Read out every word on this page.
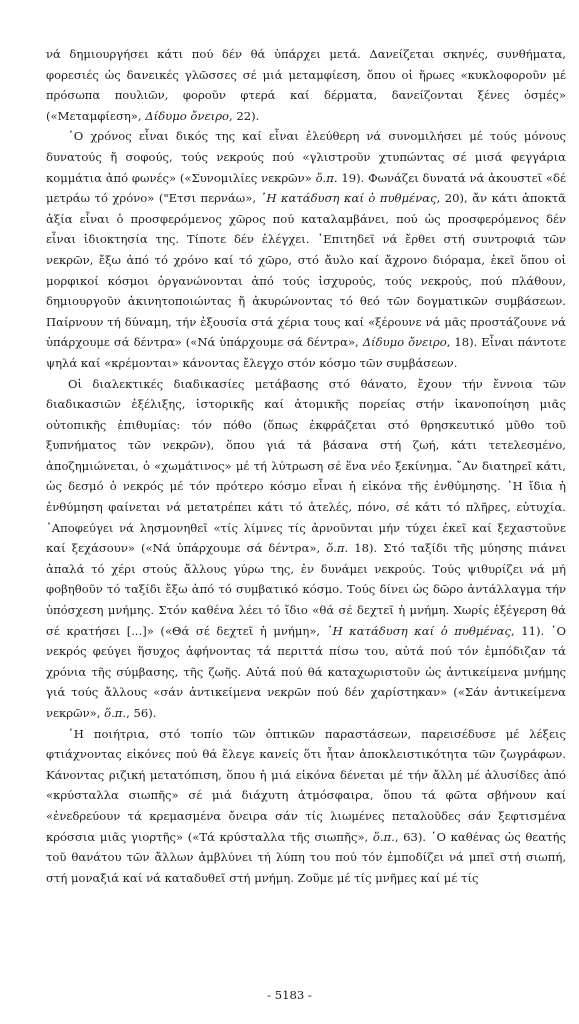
νά δημιουργήσει κάτι πού δέν θά ὑπάρχει μετά. Δανείζεται σκηνές, συνθήματα, φορεσιές ὡς δανεικές γλῶσσες σέ μιά μεταμφίεση, ὅπου οἱ ἥρωες «κυκλοφοροῦν μέ πρόσωπα πουλιῶν, φοροῦν φτερά καί δέρματα, δανείζονται ξένες ὀσμές» («Μεταμφίεση», Δίδυμο ὄνειρο, 22).

῾Ο χρόνος εἶναι δικός της καί εἶναι ἐλεύθερη νά συνομιλήσει μέ τούς μόνους δυνατούς ἤ σοφούς, τούς νεκρούς πού «γλιστροῦν χτυπώντας σέ μισά φεγγάρια κομμάτια ἀπό φωνές» («Συνομιλίες νεκρῶν» ὅ.π. 19). Φωνάζει δυνατά νά ἀκουστεῖ «δέ μετράω τό χρόνο» ("Ετσι περνάω», ῾Η κατάδυση καί ὁ πυθμένας, 20), ἄν κάτι ἀποκτᾶ ἀξία εἶναι ὁ προσφερόμενος χῶρος πού καταλαμβάνει, πού ὡς προσφερόμενος δέν εἶναι ἰδιοκτησία της. Τίποτε δέν ἐλέγχει. ᾿Επιτηδεῖ νά ἔρθει στή συντροφιά τῶν νεκρῶν, ἔξω ἀπό τό χρόνο καί τό χῶρο, στό ἄυλο καί ἄχρονο διόραμα, ἐκεῖ ὅπου οἱ μορφικοί κόσμοι ὀργανώνονται ἀπό τούς ἰσχυρούς, τούς νεκρούς, πού πλάθουν, δημιουργοῦν ἀκινητοποιώντας ἤ ἀκυρώνοντας τό θεό τῶν δογματικῶν συμβάσεων. Παίρνουν τή δύναμη, τήν ἐξουσία στά χέρια τους καί «ξέρουνε νά μᾶς προστάζουνε νά ὑπάρχουμε σά δέντρα» («Νά ὑπάρχουμε σά δέντρα», Δίδυμο ὄνειρο, 18). Εἶναι πάντοτε ψηλά καί «κρέμονται» κάνοντας ἔλεγχο στόν κόσμο τῶν συμβάσεων.

Οἱ διαλεκτικές διαδικασίες μετάβασης στό θάνατο, ἔχουν τήν ἔννοια τῶν διαδικασιῶν ἐξέλιξης, ἱστορικῆς καί ἀτομικῆς πορείας στήν ἱκανοποίηση μιᾶς οὐτοπικῆς ἐπιθυμίας: τόν πόθο (ὅπως ἐκφράζεται στό θρησκευτικό μῦθο τοῦ ξυπνήματος τῶν νεκρῶν), ὅπου γιά τά βάσανα στή ζωή, κάτι τετελεσμένο, ἀποζημιώνεται, ὁ «χωμάτινος» μέ τή λύτρωση σέ ἕνα νέο ξεκίνημα. ῎Αν διατηρεῖ κάτι, ὡς δεσμό ὁ νεκρός μέ τόν πρότερο κόσμο εἶναι ἡ εἰκόνα τῆς ἐνθύμησης. ῾Η ἴδια ἡ ἐνθύμηση φαίνεται νά μετατρέπει κάτι τό ἀτελές, πόνο, σέ κάτι τό πλῆρες, εὐτυχία. ᾿Αποφεύγει νά λησμονηθεῖ «τίς λίμνες τίς ἀρνοῦνται μήν τύχει ἐκεῖ καί ξεχαστοῦνε καί ξεχάσουν» («Νά ὑπάρχουμε σά δέντρα», ὅ.π. 18). Στό ταξίδι τῆς μύησης πιάνει ἁπαλά τό χέρι στούς ἄλλους γύρω της, ἐν δυνάμει νεκρούς. Τούς ψιθυρίζει νά μή φοβηθοῦν τό ταξίδι ἔξω ἀπό τό συμβατικό κόσμο. Τούς δίνει ὡς δῶρο ἀντάλλαγμα τήν ὑπόσχεση μνήμης. Στόν καθένα λέει τό ἴδιο «θά σέ δεχτεῖ ἡ μνήμη. Χωρίς ἐξέγερση θά σέ κρατήσει [...]» («Θά σέ δεχτεῖ ἡ μνήμη», ῾Η κατάδυση καί ὁ πυθμένας, 11). ῾Ο νεκρός φεύγει ἥσυχος ἀφήνοντας τά περιττά πίσω του, αὐτά πού τόν ἐμπόδιζαν τά χρόνια τῆς σύμβασης, τῆς ζωῆς. Αὐτά πού θά καταχωριστοῦν ὡς ἀντικείμενα μνήμης γιά τούς ἄλλους «σάν ἀντικείμενα νεκρῶν πού δέν χαρίστηκαν» («Σάν ἀντικείμενα νεκρῶν», ὅ.π., 56).

῾Η ποιήτρια, στό τοπίο τῶν ὀπτικῶν παραστάσεων, παρεισέδυσε μέ λέξεις φτιάχνοντας εἰκόνες πού θά ἔλεγε κανείς ὅτι ἦταν ἀποκλειστικότητα τῶν ζωγράφων. Κάνοντας ριζική μετατόπιση, ὅπου ἡ μιά εἰκόνα δένεται μέ τήν ἄλλη μέ ἁλυσίδες ἀπό «κρύσταλλα σιωπῆς» σέ μιά διάχυτη ἀτμόσφαιρα, ὅπου τά φῶτα σβήνουν καί «ἐνεδρεύουν τά κρεμασμένα ὄνειρα σάν τίς λιωμένες πεταλοῦδες σάν ξεφτισμένα κρόσσια μιᾶς γιορτῆς» («Τά κρύσταλλα τῆς σιωπῆς», ὅ.π., 63). ῾Ο καθένας ὡς θεατής τοῦ θανάτου τῶν ἄλλων ἀμβλύνει τή λύπη του πού τόν ἐμποδίζει νά μπεῖ στή σιωπή, στή μοναξιά καί νά καταδυθεῖ στή μνήμη. Ζοῦμε μέ τίς μνῆμες καί μέ τίς

- 5183 -
